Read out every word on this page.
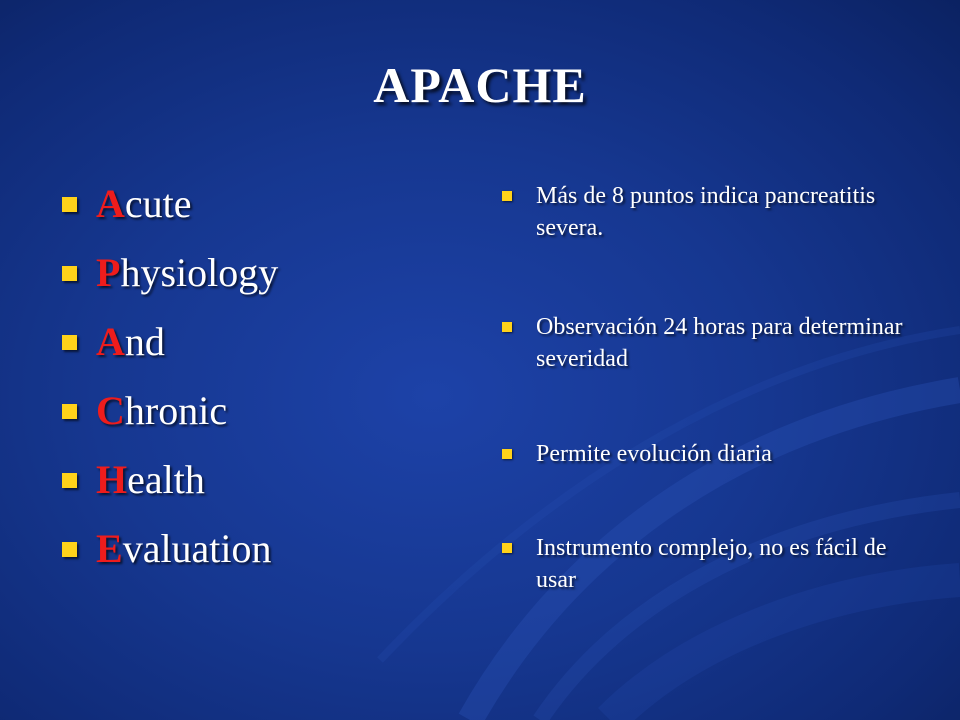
APACHE
Acute
Physiology
And
Chronic
Health
Evaluation
Más de 8 puntos indica pancreatitis severa.
Observación 24 horas para determinar severidad
Permite evolución diaria
Instrumento complejo, no es fácil de usar
